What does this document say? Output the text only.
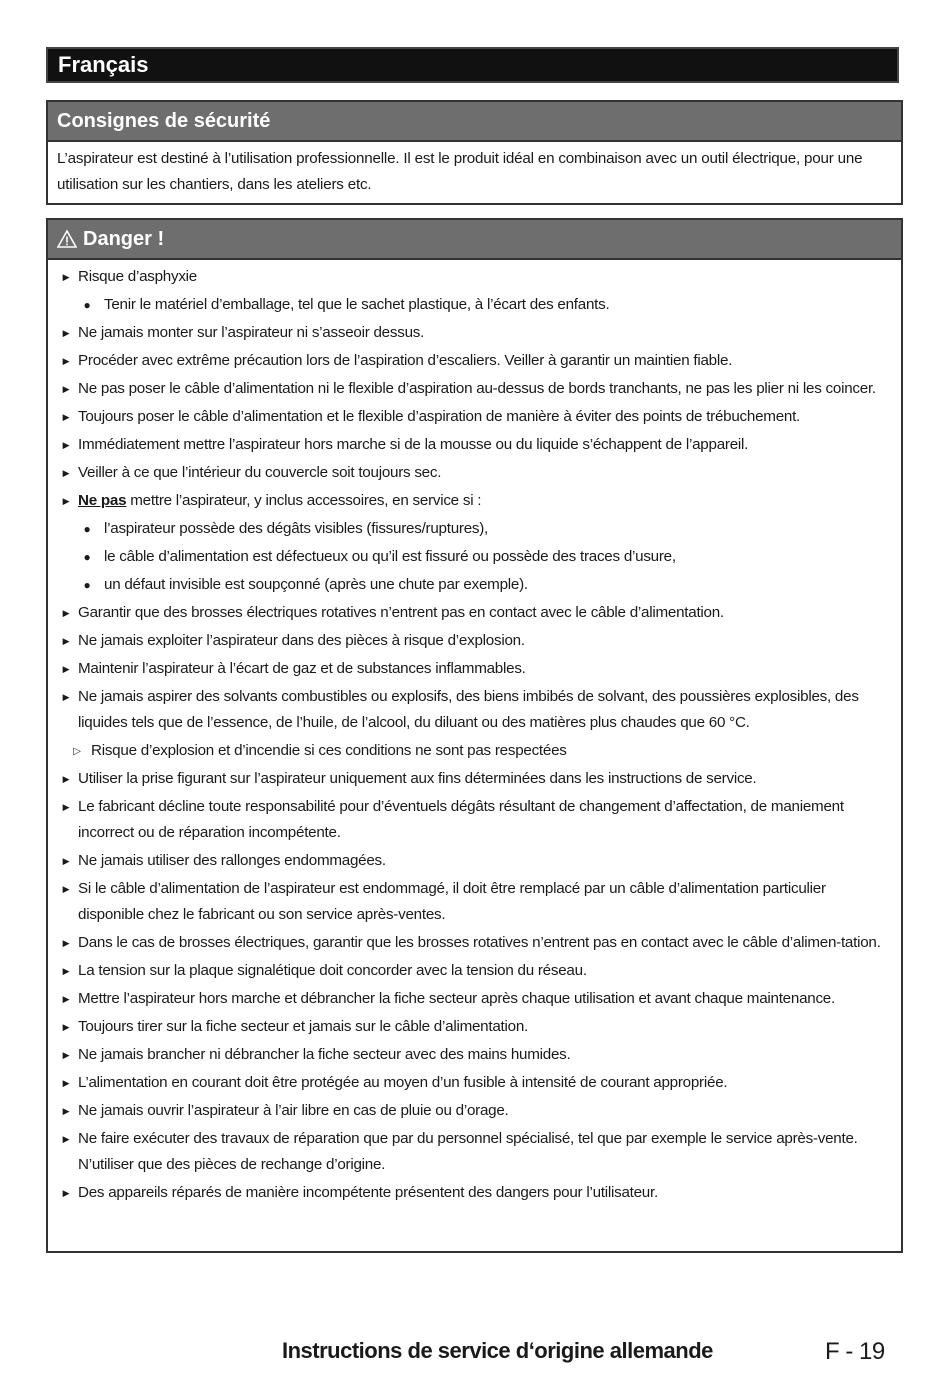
Français
Consignes de sécurité
L’aspirateur est destiné à l’utilisation professionnelle. Il est le produit idéal en combinaison avec un outil électrique, pour une utilisation sur les chantiers, dans les ateliers etc.
Danger !
▶
Risque d’asphyxie
●
Tenir le matériel d’emballage, tel que le sachet plastique, à l’écart des enfants.
▶
Ne jamais monter sur l’aspirateur ni s’asseoir dessus.
▶
Procéder avec extrême précaution lors de l’aspiration d’escaliers. Veiller à garantir un maintien fiable.
▶
Ne pas poser le câble d’alimentation ni le flexible d’aspiration au-dessus de bords tranchants, ne pas les plier ni les coincer.
▶
Toujours poser le câble d’alimentation et le flexible d’aspiration de manière à éviter des points de trébuchement.
▶
Immédiatement mettre l’aspirateur hors marche si de la mousse ou du liquide s’échappent de l’appareil.
▶
Veiller à ce que l’intérieur du couvercle soit toujours sec.
▶
Ne pas mettre l’aspirateur, y inclus accessoires, en service si :
●
l’aspirateur possède des dégâts visibles (fissures/ruptures),
●
le câble d’alimentation est défectueux ou qu’il est fissuré ou possède des traces d’usure,
●
un défaut invisible est soupçonné (après une chute par exemple).
▶
Garantir que des brosses électriques rotatives n’entrent pas en contact avec le câble d’alimentation.
▶
Ne jamais exploiter l’aspirateur dans des pièces à risque d’explosion.
▶
Maintenir l’aspirateur à l’écart de gaz et de substances inflammables.
▶
Ne jamais aspirer des solvants combustibles ou explosifs, des biens imbibés de solvant, des poussières explosibles, des liquides tels que de l’essence, de l’huile, de l’alcool, du diluant ou des matières plus chaudes que 60 °C.
▷
Risque d’explosion et d’incendie si ces conditions ne sont pas respectées
▶
Utiliser la prise figurant sur l’aspirateur uniquement aux fins déterminées dans les instructions de service.
▶
Le fabricant décline toute responsabilité pour d’éventuels dégâts résultant de changement d’affectation, de maniement incorrect ou de réparation incompétente.
▶
Ne jamais utiliser des rallonges endommagées.
▶
Si le câble d’alimentation de l’aspirateur est endommagé, il doit être remplacé par un câble d’alimentation particulier disponible chez le fabricant ou son service après-ventes.
▶
Dans le cas de brosses électriques, garantir que les brosses rotatives n’entrent pas en contact avec le câble d’alimen-tation.
▶
La tension sur la plaque signalétique doit concorder avec la tension du réseau.
▶
Mettre l’aspirateur hors marche et débrancher la fiche secteur après chaque utilisation et avant chaque maintenance.
▶
Toujours tirer sur la fiche secteur et jamais sur le câble d’alimentation.
▶
Ne jamais brancher ni débrancher la fiche secteur avec des mains humides.
▶
L’alimentation en courant doit être protégée au moyen d’un fusible à intensité de courant appropriée.
▶
Ne jamais ouvrir l’aspirateur à l’air libre en cas de pluie ou d’orage.
▶
Ne faire exécuter des travaux de réparation que par du personnel spécialisé, tel que par exemple le service après-vente. N’utiliser que des pièces de rechange d’origine.
▶
Des appareils réparés de manière incompétente présentent des dangers pour l’utilisateur.
Instructions de service d‘origine allemande	F - 19
